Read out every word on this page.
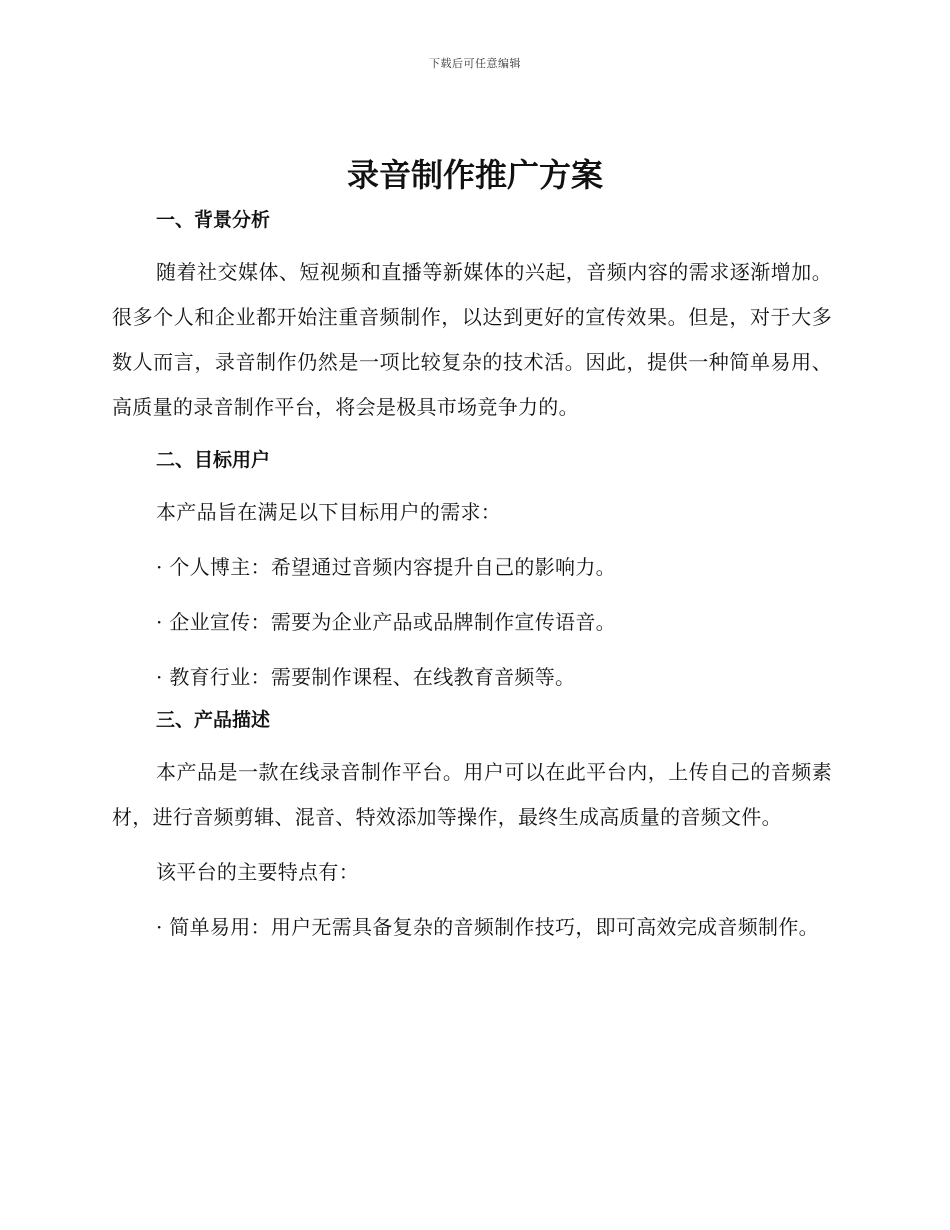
下载后可任意编辑
录音制作推广方案

一、背景分析

随着社交媒体、短视频和直播等新媒体的兴起，音频内容的需求逐渐增加。很多个人和企业都开始注重音频制作，以达到更好的宣传效果。但是，对于大多数人而言，录音制作仍然是一项比较复杂的技术活。因此，提供一种简单易用、高质量的录音制作平台，将会是极具市场竞争力的。

二、目标用户

本产品旨在满足以下目标用户的需求：

· 个人博主：希望通过音频内容提升自己的影响力。

· 企业宣传：需要为企业产品或品牌制作宣传语音。

· 教育行业：需要制作课程、在线教育音频等。

三、产品描述

本产品是一款在线录音制作平台。用户可以在此平台内，上传自己的音频素材，进行音频剪辑、混音、特效添加等操作，最终生成高质量的音频文件。

该平台的主要特点有：

· 简单易用：用户无需具备复杂的音频制作技巧，即可高效完成音频制作。
